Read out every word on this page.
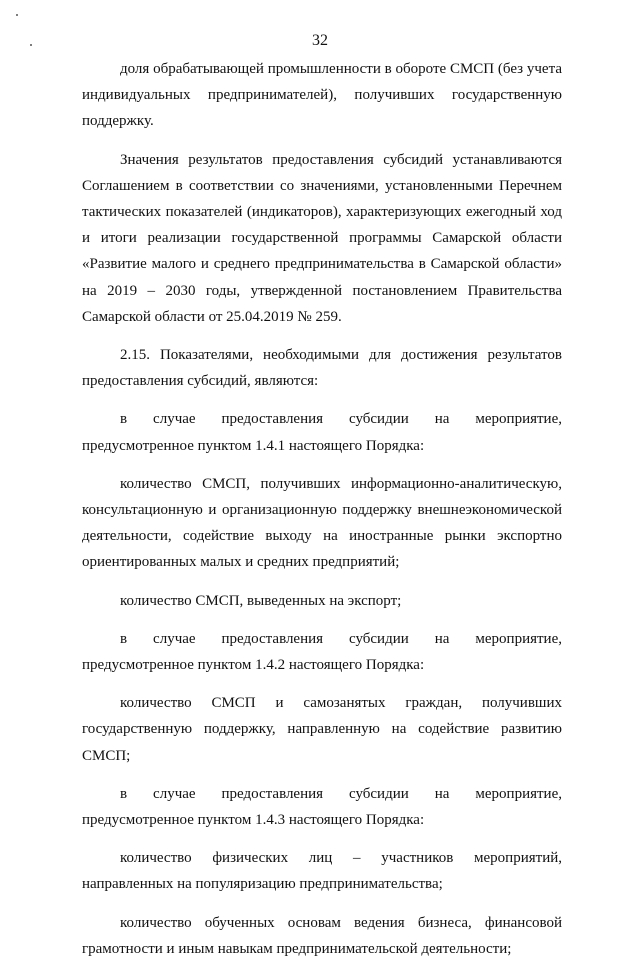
32

доля обрабатывающей промышленности в обороте СМСП (без учета индивидуальных предпринимателей), получивших государственную поддержку.

Значения результатов предоставления субсидий устанавливаются Соглашением в соответствии со значениями, установленными Перечнем тактических показателей (индикаторов), характеризующих ежегодный ход и итоги реализации государственной программы Самарской области «Развитие малого и среднего предпринимательства в Самарской области» на 2019 – 2030 годы, утвержденной постановлением Правительства Самарской области от 25.04.2019 № 259.

2.15. Показателями, необходимыми для достижения результатов предоставления субсидий, являются:

в случае предоставления субсидии на мероприятие, предусмотренное пунктом 1.4.1 настоящего Порядка:

количество СМСП, получивших информационно-аналитическую, консультационную и организационную поддержку внешнеэкономической деятельности, содействие выходу на иностранные рынки экспортно ориентированных малых и средних предприятий;

количество СМСП, выведенных на экспорт;

в случае предоставления субсидии на мероприятие, предусмотренное пунктом 1.4.2 настоящего Порядка:

количество СМСП и самозанятых граждан, получивших государственную поддержку, направленную на содействие развитию СМСП;

в случае предоставления субсидии на мероприятие, предусмотренное пунктом 1.4.3 настоящего Порядка:

количество физических лиц – участников мероприятий, направленных на популяризацию предпринимательства;

количество обученных основам ведения бизнеса, финансовой грамотности и иным навыкам предпринимательской деятельности;
